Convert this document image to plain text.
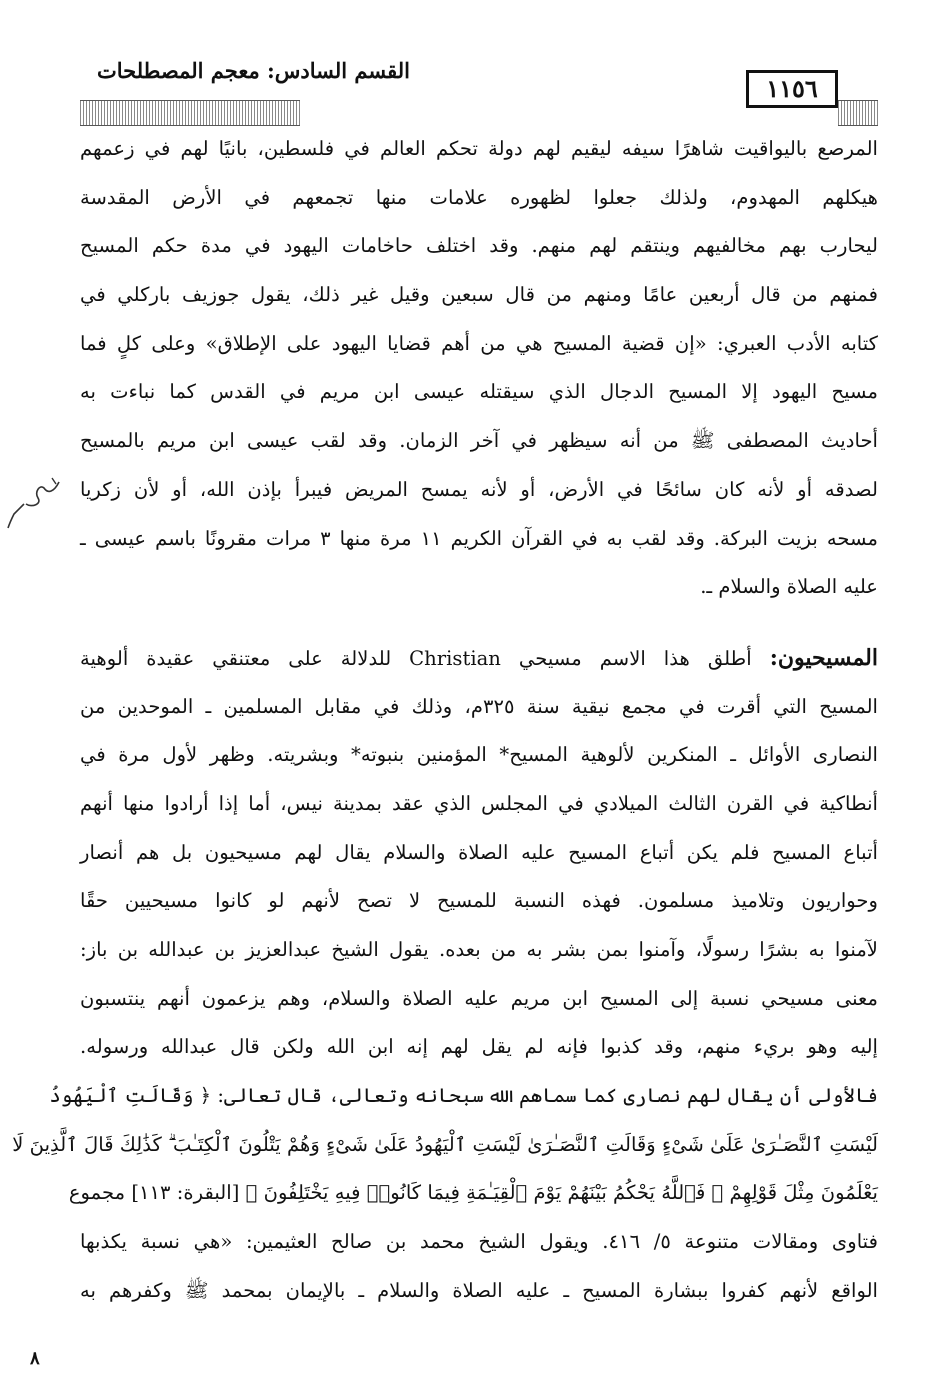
القسم السادس: معجم المصطلحات
١١٥٦
المرصع باليواقيت شاهرًا سيفه ليقيم لهم دولة تحكم العالم في فلسطين، بانيًا لهم في زعمهم
هيكلهم المهدوم، ولذلك جعلوا لظهوره علامات منها تجمعهم في الأرض المقدسة
ليحارب بهم مخالفيهم وينتقم لهم منهم. وقد اختلف حاخامات اليهود في مدة حكم المسيح
فمنهم من قال أربعين عامًا ومنهم من قال سبعين وقيل غير ذلك، يقول جوزيف باركلي في
كتابه الأدب العبري: «إن قضية المسيح هي من أهم قضايا اليهود على الإطلاق» وعلى كلٍ فما
مسيح اليهود إلا المسيح الدجال الذي سيقتله عيسى ابن مريم في القدس كما نباءت به
أحاديث المصطفى ﷺ من أنه سيظهر في آخر الزمان. وقد لقب عيسى ابن مريم بالمسيح
لصدقه أو لأنه كان سائحًا في الأرض، أو لأنه يمسح المريض فيبرأ بإذن الله، أو لأن زكريا
مسحه بزيت البركة. وقد لقب به في القرآن الكريم ١١ مرة منها ٣ مرات مقرونًا باسم عيسى ـ
عليه الصلاة والسلام ـ.
المسيحيون: أطلق هذا الاسم مسيحي Christian للدلالة على معتنقي عقيدة ألوهية
المسيح التي أقرت في مجمع نيقية سنة ٣٢٥م، وذلك في مقابل المسلمين ـ الموحدين من
النصارى الأوائل ـ المنكرين لألوهية المسيح* المؤمنين بنبوته* وبشريته. وظهر لأول مرة في
أنطاكية في القرن الثالث الميلادي في المجلس الذي عقد بمدينة نيس، أما إذا أرادوا منها أنهم
أتباع المسيح فلم يكن أتباع المسيح عليه الصلاة والسلام يقال لهم مسيحيون بل هم أنصار
وحواريون وتلاميذ مسلمون. فهذه النسبة للمسيح لا تصح لأنهم لو كانوا مسيحيين حقًا
لآمنوا به بشرًا رسولًا، وآمنوا بمن بشر به من بعده. يقول الشيخ عبدالعزيز بن عبدالله بن باز:
معنى مسيحي نسبة إلى المسيح ابن مريم عليه الصلاة والسلام، وهم يزعمون أنهم ينتسبون
إليه وهو بريء منهم، وقد كذبوا فإنه لم يقل لهم إنه ابن الله ولكن قال عبدالله ورسوله.
فالأولى أن يقال لهم نصارى كما سماهم الله سبحانه وتعالى، قال تعالى: ﴿ وَقَالَتِ ٱلْيَهُودُ
لَيْسَتِ ٱلنَّصَـٰرَىٰ عَلَىٰ شَىْءٍ وَقَالَتِ ٱلنَّصَـٰرَىٰ لَيْسَتِ ٱلْيَهُودُ عَلَىٰ شَىْءٍ وَهُمْ يَتْلُونَ ٱلْكِتَـٰبَ ۗ كَذَٰلِكَ قَالَ ٱلَّذِينَ لَا
يَعْلَمُونَ مِثْلَ قَوْلِهِمْ ۚ فَٱللَّهُ يَحْكُمُ بَيْنَهُمْ يَوْمَ ٱلْقِيَـٰمَةِ فِيمَا كَانُوا۟ فِيهِ يَخْتَلِفُونَ ﴾ [البقرة: ١١٣] مجموع
فتاوى ومقالات متنوعة ٥/ ٤١٦. ويقول الشيخ محمد بن صالح العثيمين: «هي نسبة يكذبها
الواقع لأنهم كفروا ببشارة المسيح ـ عليه الصلاة والسلام ـ بالإيمان بمحمد ﷺ وكفرهم به
٨
